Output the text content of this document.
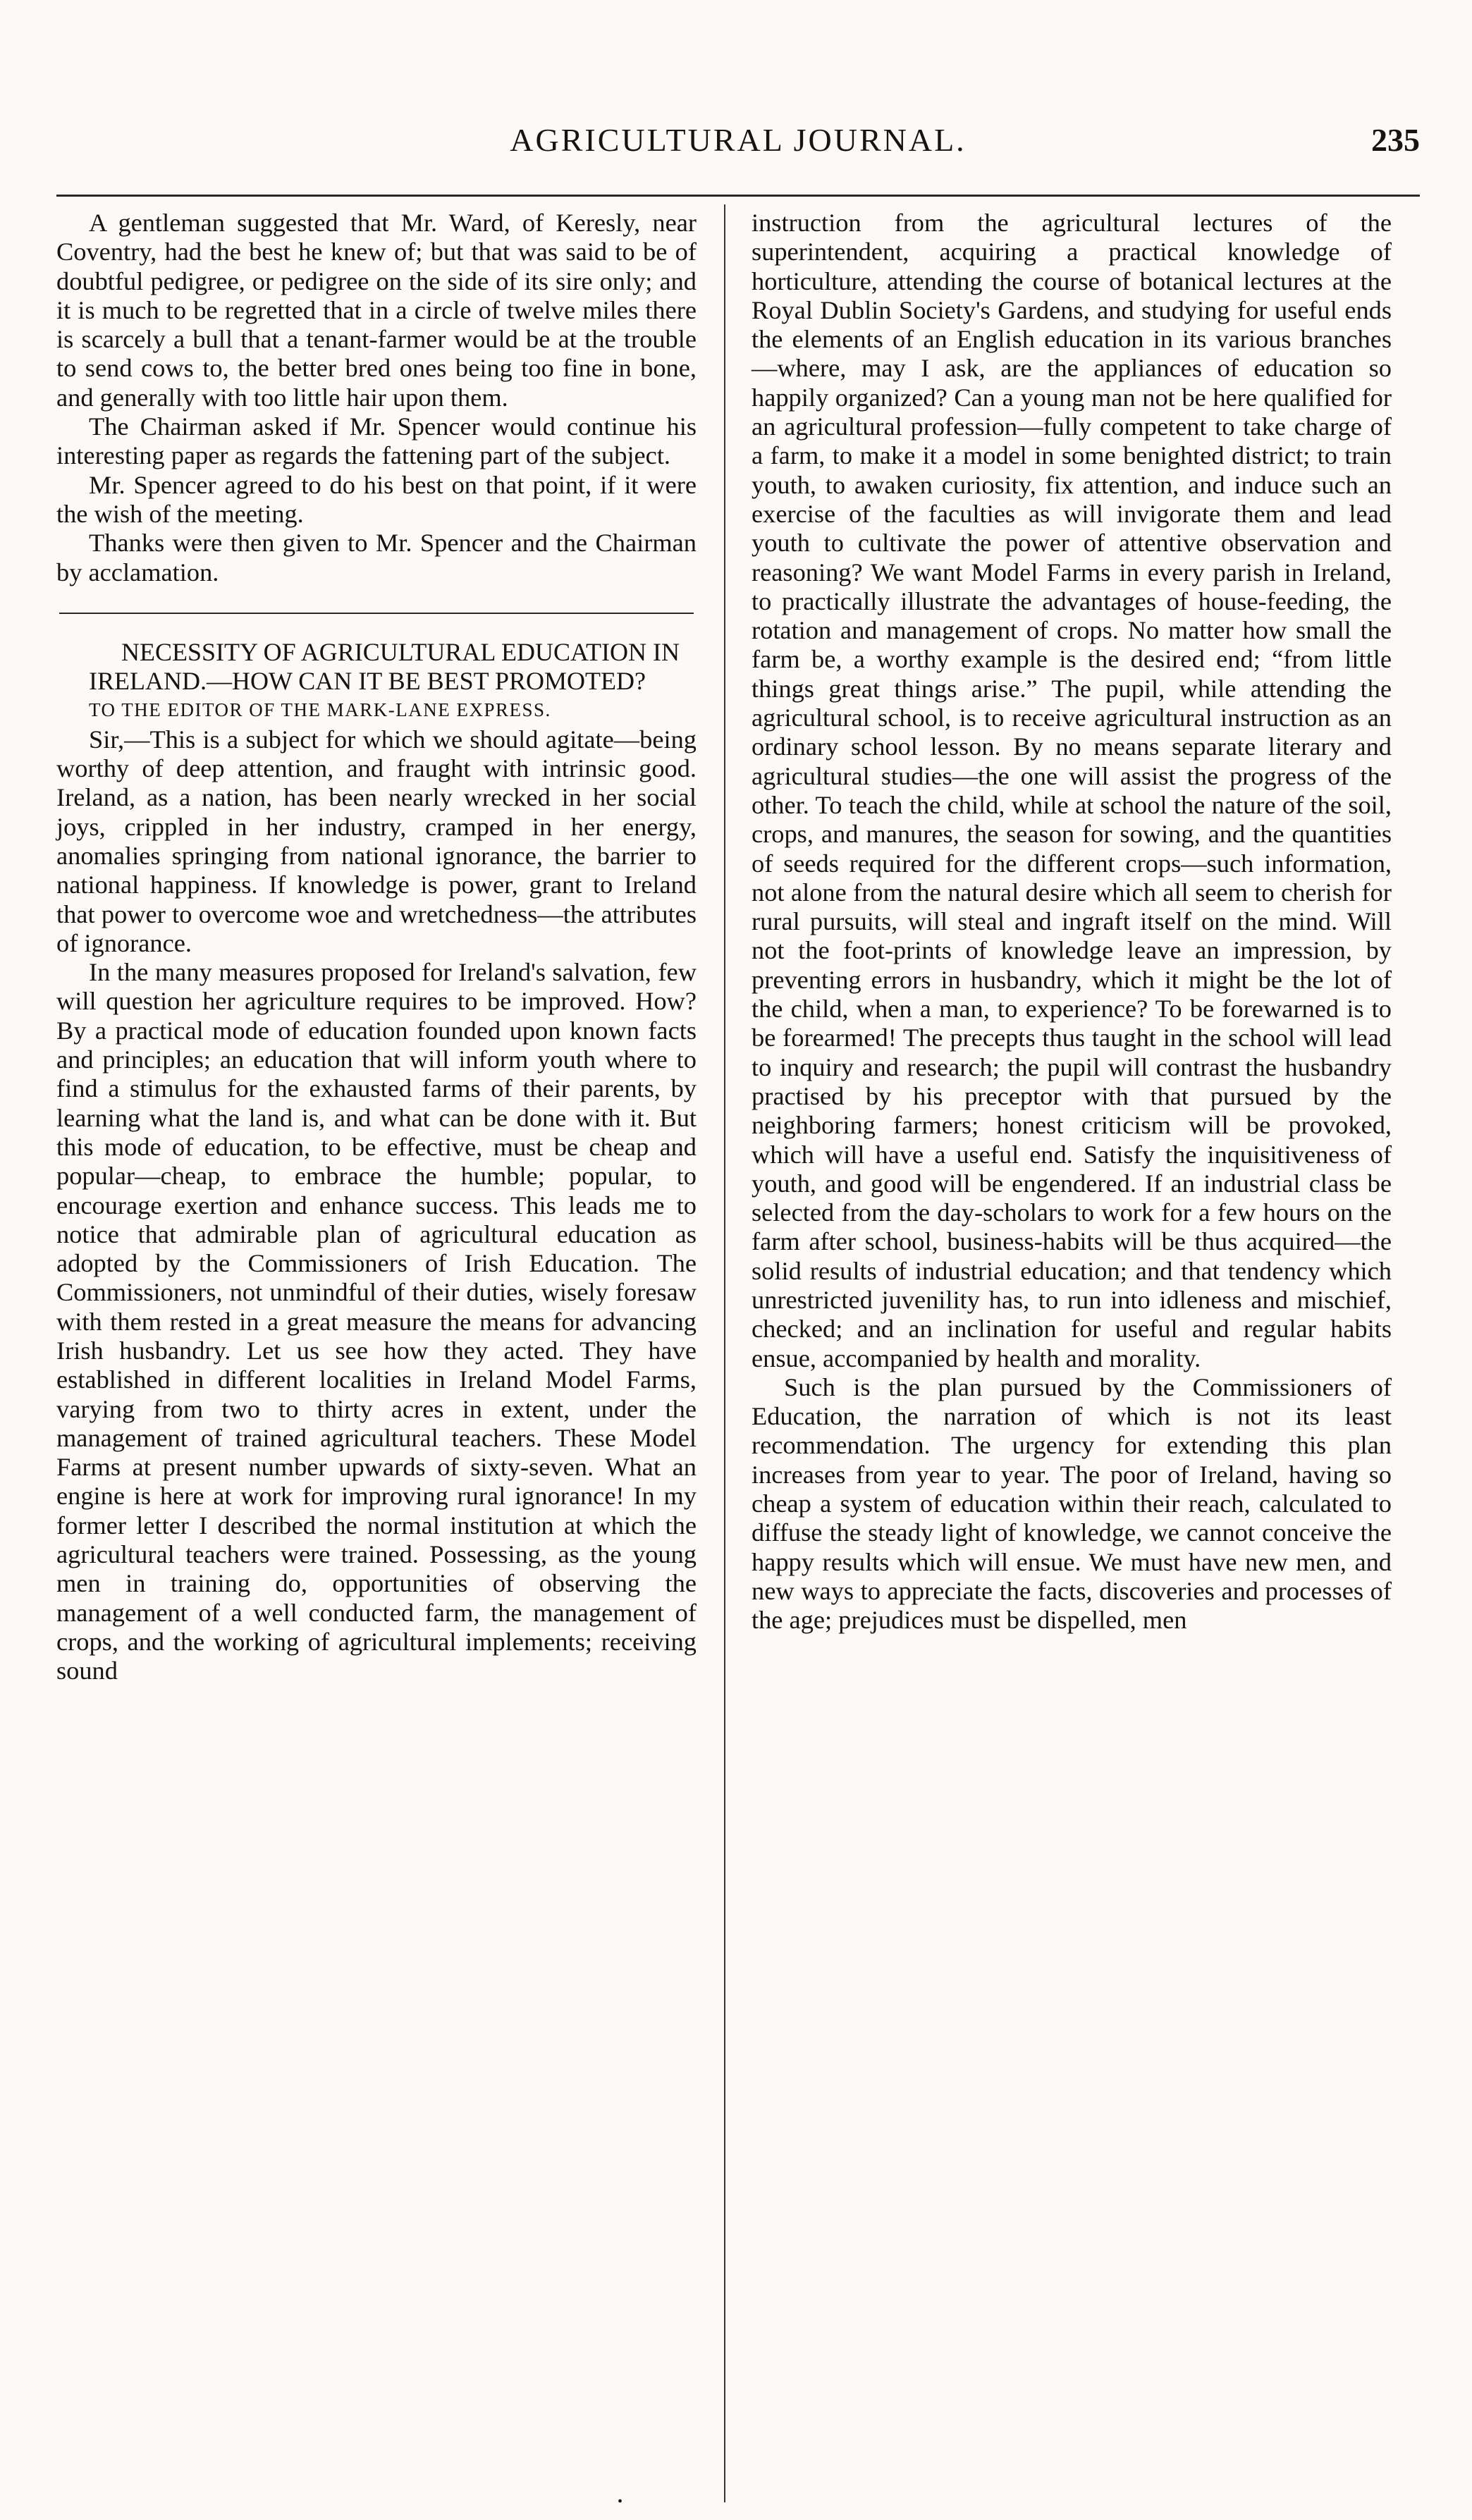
AGRICULTURAL JOURNAL.	235

A gentleman suggested that Mr. Ward, of Keresly, near Coventry, had the best he knew of; but that was said to be of doubtful pedigree, or pedigree on the side of its sire only; and it is much to be regretted that in a circle of twelve miles there is scarcely a bull that a tenant-farmer would be at the trouble to send cows to, the better bred ones being too fine in bone, and generally with too little hair upon them.

The Chairman asked if Mr. Spencer would continue his interesting paper as regards the fattening part of the subject.

Mr. Spencer agreed to do his best on that point, if it were the wish of the meeting.

Thanks were then given to Mr. Spencer and the Chairman by acclamation.

NECESSITY OF AGRICULTURAL EDUCATION IN IRELAND.—HOW CAN IT BE BEST PROMOTED?

TO THE EDITOR OF THE MARK-LANE EXPRESS.

Sir,—This is a subject for which we should agitate—being worthy of deep attention, and fraught with intrinsic good. Ireland, as a nation, has been nearly wrecked in her social joys, crippled in her industry, cramped in her energy, anomalies springing from national ignorance, the barrier to national happiness. If knowledge is power, grant to Ireland that power to overcome woe and wretchedness—the attributes of ignorance.

In the many measures proposed for Ireland's salvation, few will question her agriculture requires to be improved. How? By a practical mode of education founded upon known facts and principles; an education that will inform youth where to find a stimulus for the exhausted farms of their parents, by learning what the land is, and what can be done with it. But this mode of education, to be effective, must be cheap and popular—cheap, to embrace the humble; popular, to encourage exertion and enhance success. This leads me to notice that admirable plan of agricultural education as adopted by the Commissioners of Irish Education. The Commissioners, not unmindful of their duties, wisely foresaw with them rested in a great measure the means for advancing Irish husbandry. Let us see how they acted. They have established in different localities in Ireland Model Farms, varying from two to thirty acres in extent, under the management of trained agricultural teachers. These Model Farms at present number upwards of sixty-seven. What an engine is here at work for improving rural ignorance! In my former letter I described the normal institution at which the agricultural teachers were trained. Possessing, as the young men in training do, opportunities of observing the management of a well conducted farm, the management of crops, and the working of agricultural implements; receiving sound

instruction from the agricultural lectures of the superintendent, acquiring a practical knowledge of horticulture, attending the course of botanical lectures at the Royal Dublin Society's Gardens, and studying for useful ends the elements of an English education in its various branches—where, may I ask, are the appliances of education so happily organized? Can a young man not be here qualified for an agricultural profession—fully competent to take charge of a farm, to make it a model in some benighted district; to train youth, to awaken curiosity, fix attention, and induce such an exercise of the faculties as will invigorate them and lead youth to cultivate the power of attentive observation and reasoning? We want Model Farms in every parish in Ireland, to practically illustrate the advantages of house-feeding, the rotation and management of crops. No matter how small the farm be, a worthy example is the desired end; “from little things great things arise.” The pupil, while attending the agricultural school, is to receive agricultural instruction as an ordinary school lesson. By no means separate literary and agricultural studies—the one will assist the progress of the other. To teach the child, while at school the nature of the soil, crops, and manures, the season for sowing, and the quantities of seeds required for the different crops—such information, not alone from the natural desire which all seem to cherish for rural pursuits, will steal and ingraft itself on the mind. Will not the foot-prints of knowledge leave an impression, by preventing errors in husbandry, which it might be the lot of the child, when a man, to experience? To be forewarned is to be forearmed! The precepts thus taught in the school will lead to inquiry and research; the pupil will contrast the husbandry practised by his preceptor with that pursued by the neighboring farmers; honest criticism will be provoked, which will have a useful end. Satisfy the inquisitiveness of youth, and good will be engendered. If an industrial class be selected from the day-scholars to work for a few hours on the farm after school, business-habits will be thus acquired—the solid results of industrial education; and that tendency which unrestricted juvenility has, to run into idleness and mischief, checked; and an inclination for useful and regular habits ensue, accompanied by health and morality.

Such is the plan pursued by the Commissioners of Education, the narration of which is not its least recommendation. The urgency for extending this plan increases from year to year. The poor of Ireland, having so cheap a system of education within their reach, calculated to diffuse the steady light of knowledge, we cannot conceive the happy results which will ensue. We must have new men, and new ways to appreciate the facts, discoveries and processes of the age; prejudices must be dispelled, men

•
